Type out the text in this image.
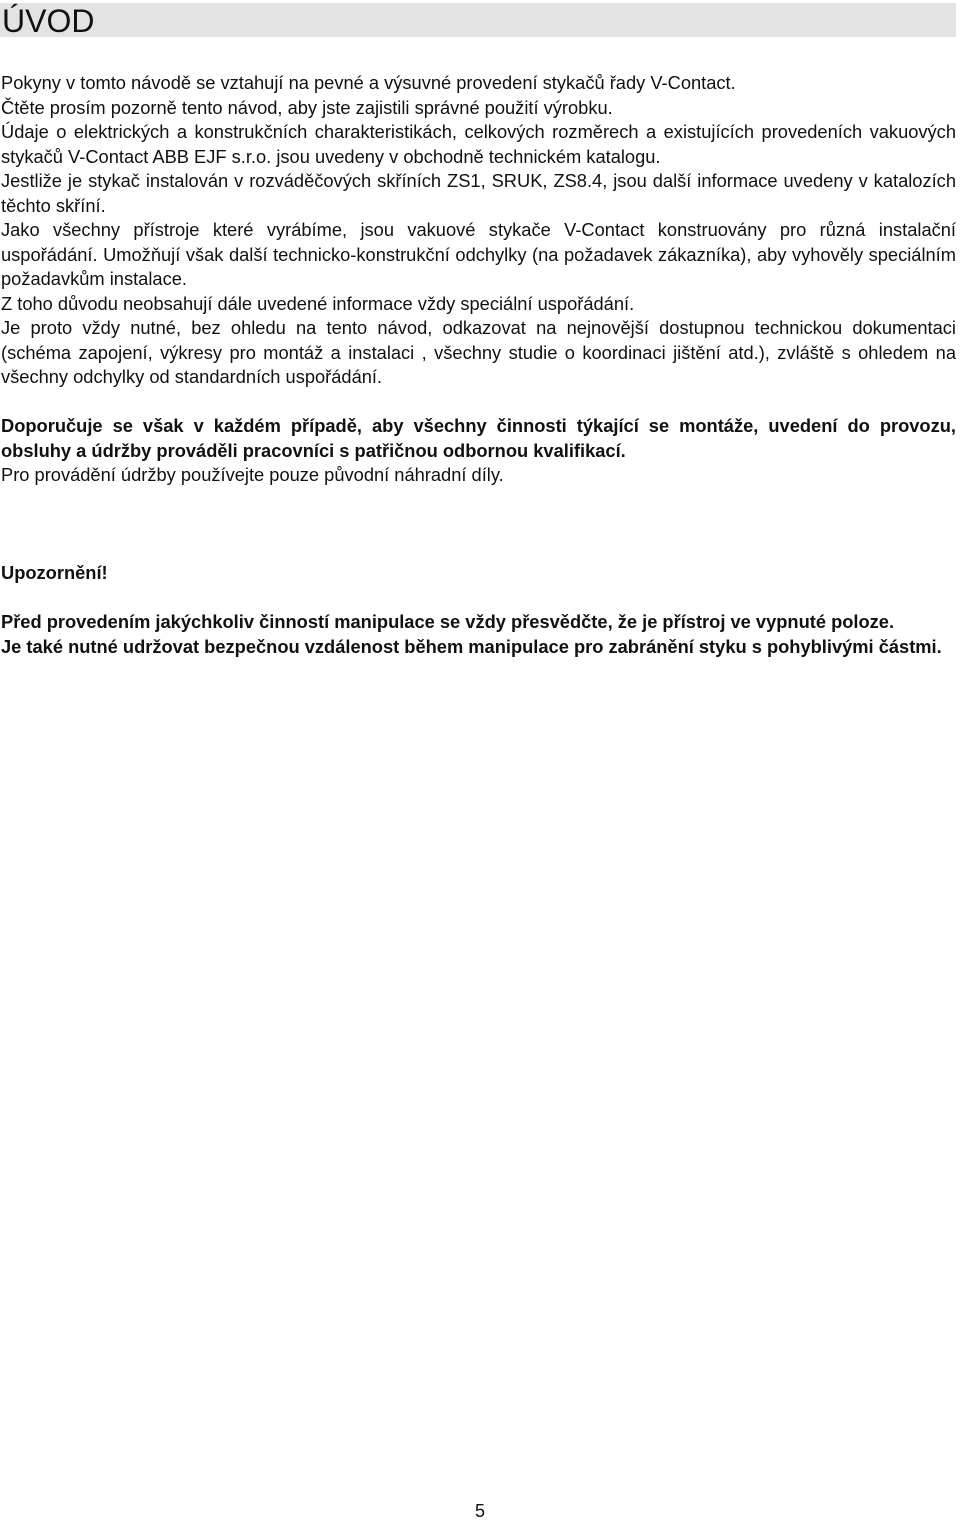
ÚVOD

Pokyny v tomto návodě se vztahují na pevné a výsuvné provedení stykačů řady V-Contact.

Čtěte prosím pozorně tento návod, aby jste zajistili správné použití výrobku.

Údaje o elektrických a konstrukčních charakteristikách, celkových rozměrech a existujících provedeních vakuových stykačů V-Contact ABB EJF s.r.o. jsou uvedeny v obchodně technickém katalogu.

Jestliže je stykač instalován v rozváděčových skříních ZS1, SRUK, ZS8.4, jsou další informace uvedeny v katalozích těchto skříní.

Jako všechny přístroje které vyrábíme, jsou vakuové stykače V-Contact konstruovány pro různá instalační uspořádání. Umožňují však další technicko-konstrukční odchylky (na požadavek zákazníka), aby vyhověly speciálním požadavkům instalace.

Z toho důvodu neobsahují dále uvedené informace vždy speciální uspořádání.

Je proto vždy nutné, bez ohledu na tento návod, odkazovat na nejnovější dostupnou technickou dokumentaci (schéma zapojení, výkresy pro montáž a instalaci , všechny studie o koordinaci jištění atd.), zvláště s ohledem na všechny odchylky od standardních uspořádání.

Doporučuje se však v každém případě, aby všechny činnosti týkající se montáže, uvedení do provozu, obsluhy a údržby prováděli pracovníci s patřičnou odbornou kvalifikací.

Pro provádění údržby používejte pouze původní náhradní díly.

Upozornění!

Před provedením jakýchkoliv činností manipulace se vždy přesvědčte, že je přístroj ve vypnuté poloze.

Je také nutné udržovat bezpečnou vzdálenost během manipulace pro zabránění styku s pohyblivými částmi.

5
